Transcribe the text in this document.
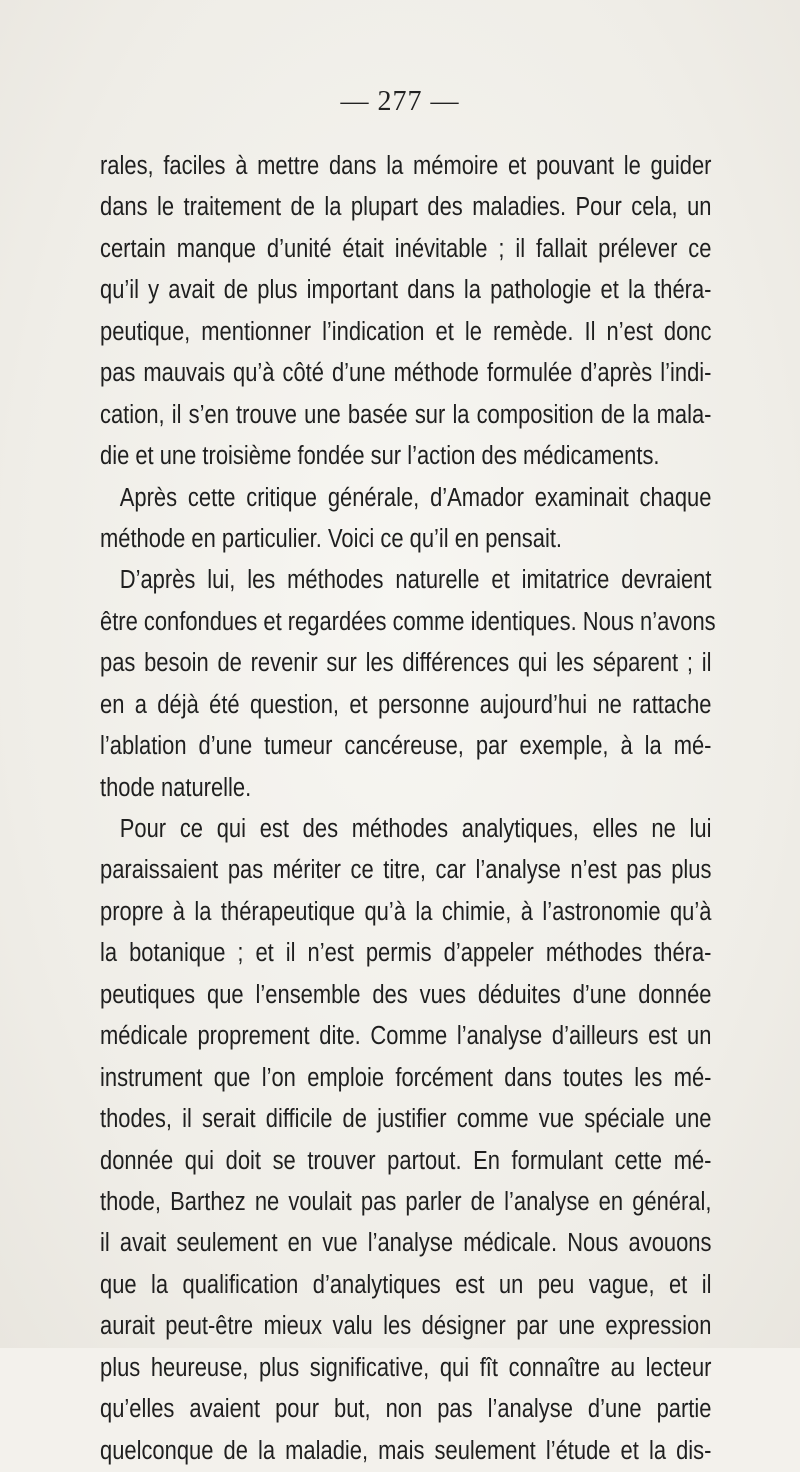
— 277 —
rales, faciles à mettre dans la mémoire et pouvant le guider
dans le traitement de la plupart des maladies. Pour cela, un
certain manque d’unité était inévitable ; il fallait prélever ce
qu’il y avait de plus important dans la pathologie et la théra-
peutique, mentionner l’indication et le remède. Il n’est donc
pas mauvais qu’à côté d’une méthode formulée d’après l’indi-
cation, il s’en trouve une basée sur la composition de la mala-
die et une troisième fondée sur l’action des médicaments.
Après cette critique générale, d’Amador examinait chaque
méthode en particulier. Voici ce qu’il en pensait.
D’après lui, les méthodes naturelle et imitatrice devraient
être confondues et regardées comme identiques. Nous n’avons
pas besoin de revenir sur les différences qui les séparent ; il
en a déjà été question, et personne aujourd’hui ne rattache
l’ablation d’une tumeur cancéreuse, par exemple, à la mé-
thode naturelle.
Pour ce qui est des méthodes analytiques, elles ne lui
paraissaient pas mériter ce titre, car l’analyse n’est pas plus
propre à la thérapeutique qu’à la chimie, à l’astronomie qu’à
la botanique ; et il n’est permis d’appeler méthodes théra-
peutiques que l’ensemble des vues déduites d’une donnée
médicale proprement dite. Comme l’analyse d’ailleurs est un
instrument que l’on emploie forcément dans toutes les mé-
thodes, il serait difficile de justifier comme vue spéciale une
donnée qui doit se trouver partout. En formulant cette mé-
thode, Barthez ne voulait pas parler de l’analyse en général,
il avait seulement en vue l’analyse médicale. Nous avouons
que la qualification d’analytiques est un peu vague, et il
aurait peut-être mieux valu les désigner par une expression
plus heureuse, plus significative, qui fît connaître au lecteur
qu’elles avaient pour but, non pas l’analyse d’une partie
quelconque de la maladie, mais seulement l’étude et la dis-
